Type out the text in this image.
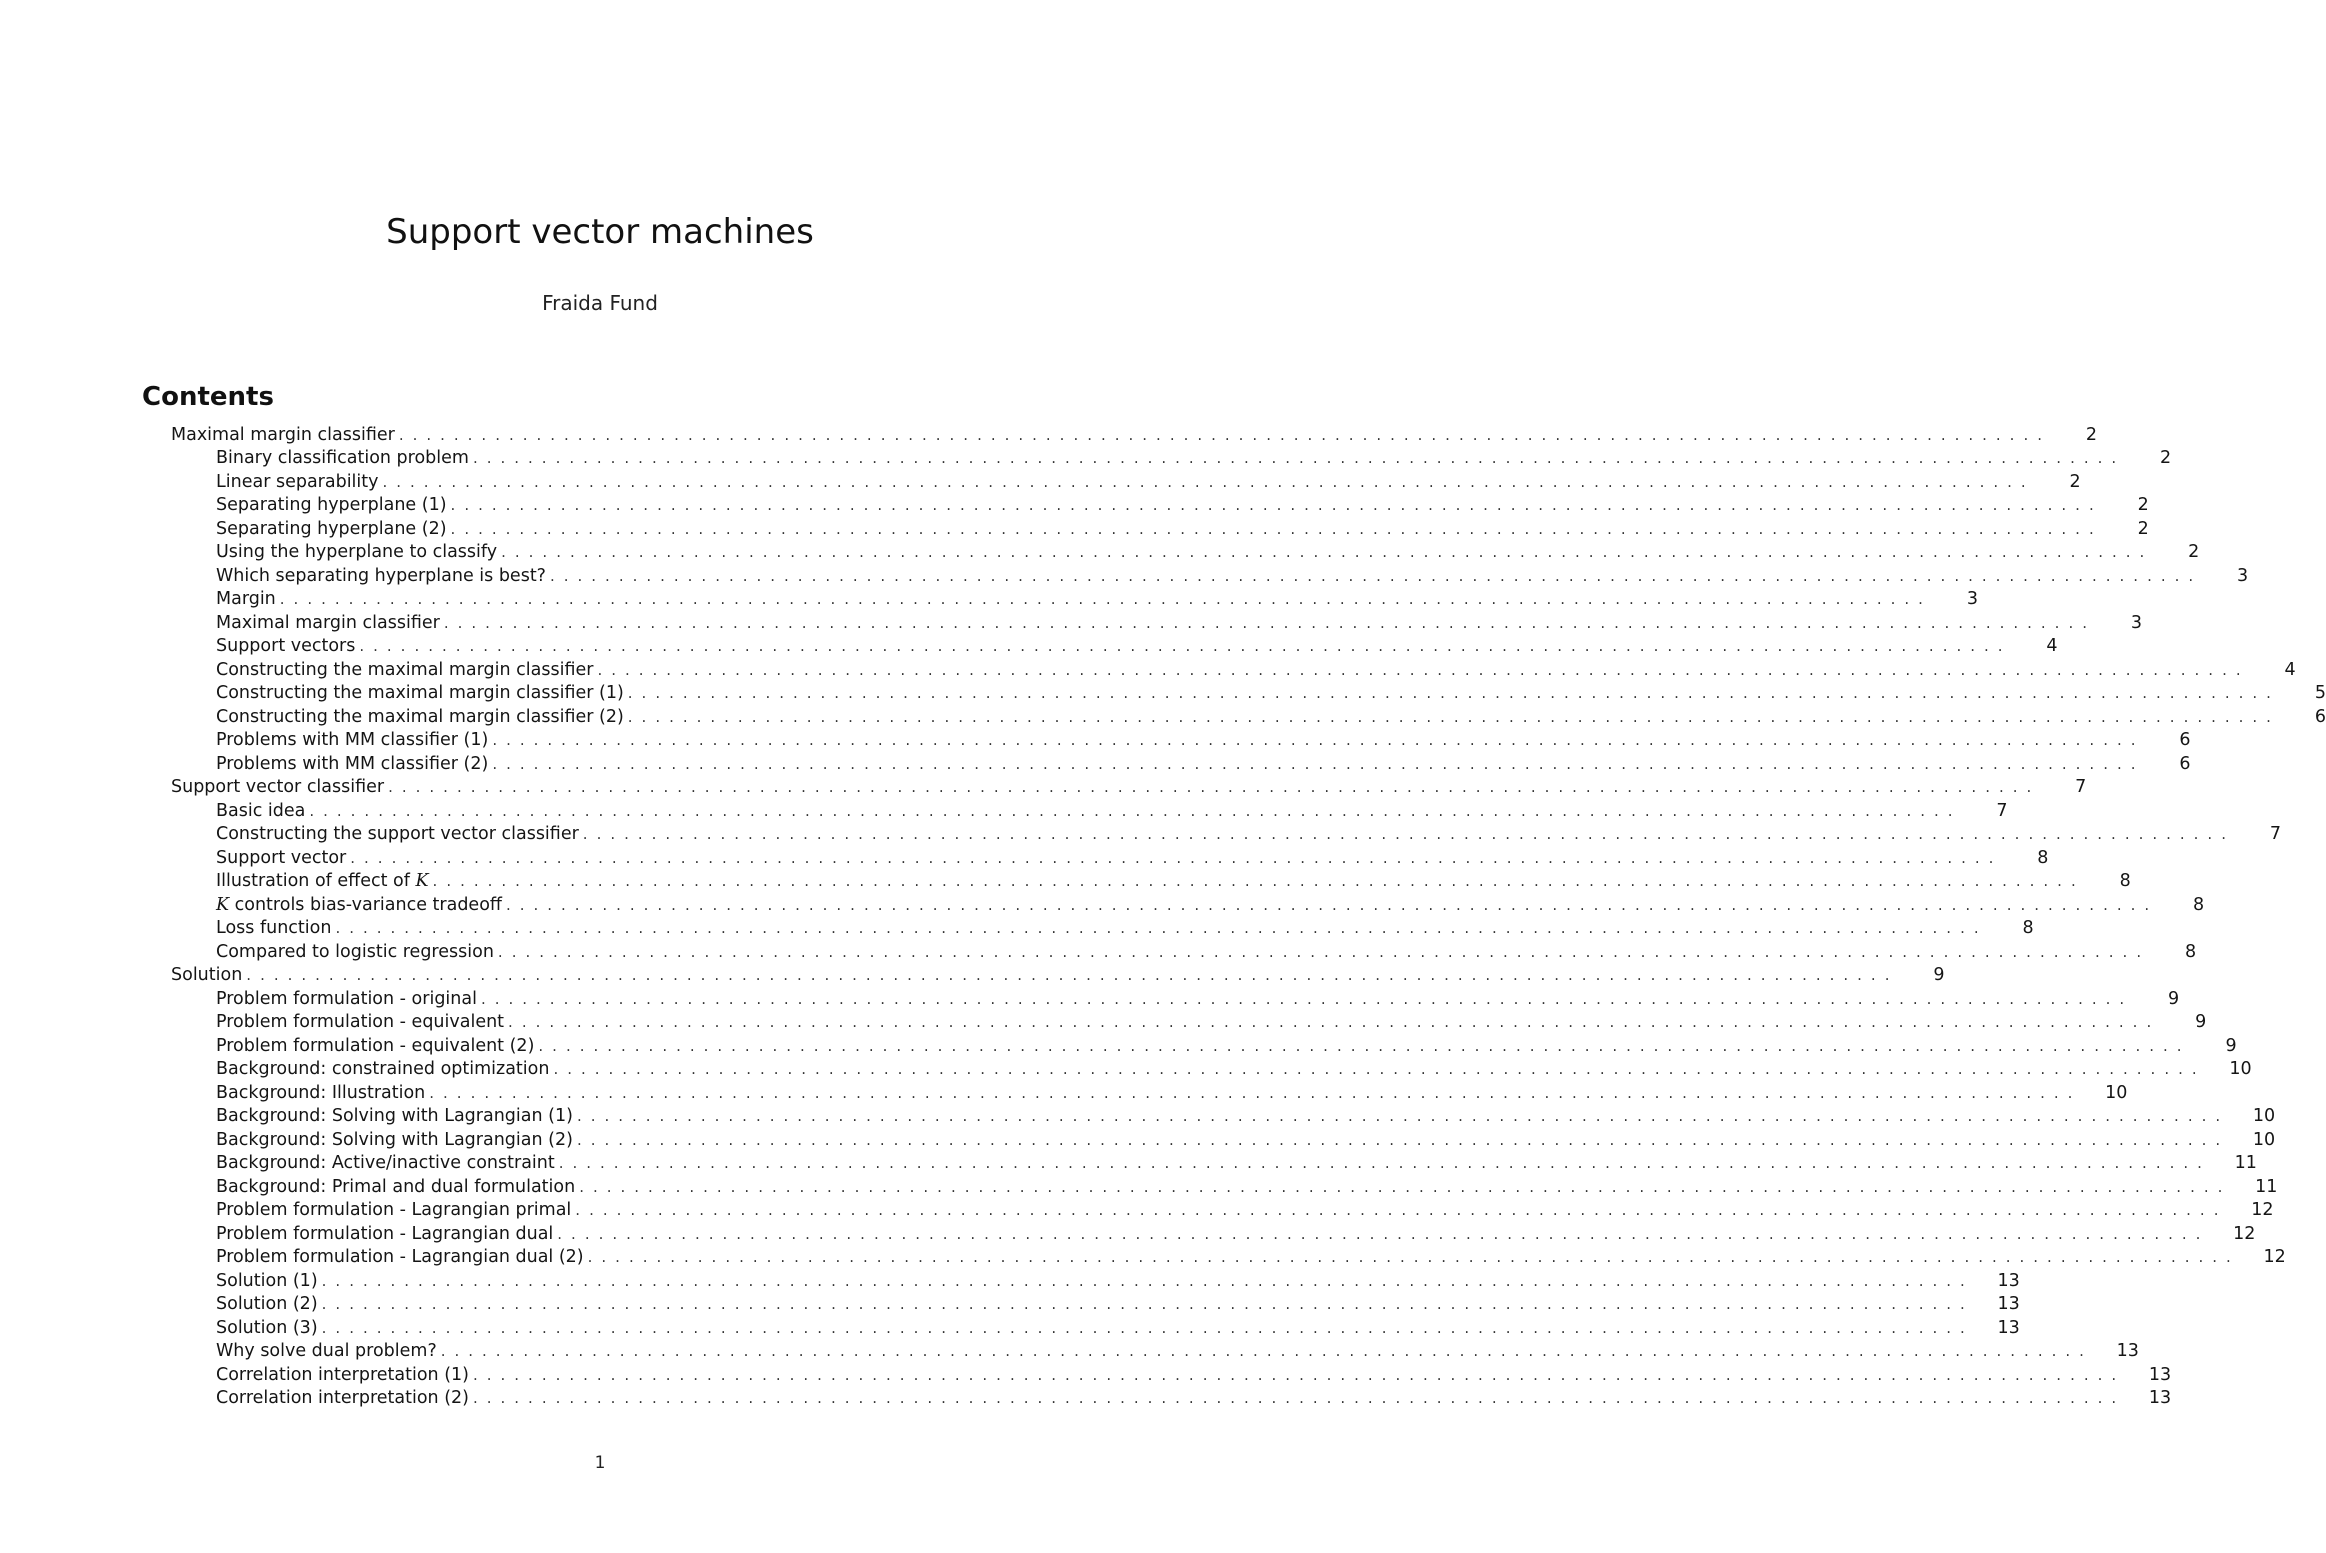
Support vector machines
Fraida Fund
Contents
Maximal margin classifier ........................................................................................................................	2
Binary classification problem ........................................................................................................................	2
Linear separability ........................................................................................................................	2
Separating hyperplane (1) ........................................................................................................................	2
Separating hyperplane (2) ........................................................................................................................	2
Using the hyperplane to classify ........................................................................................................................	2
Which separating hyperplane is best? ........................................................................................................................	3
Margin ........................................................................................................................	3
Maximal margin classifier ........................................................................................................................	3
Support vectors ........................................................................................................................	4
Constructing the maximal margin classifier ........................................................................................................................	4
Constructing the maximal margin classifier (1) ........................................................................................................................	5
Constructing the maximal margin classifier (2) ........................................................................................................................	6
Problems with MM classifier (1) ........................................................................................................................	6
Problems with MM classifier (2) ........................................................................................................................	6
Support vector classifier ........................................................................................................................	7
Basic idea ........................................................................................................................	7
Constructing the support vector classifier ........................................................................................................................	7
Support vector ........................................................................................................................	8
Illustration of effect of K ........................................................................................................................	8
K controls bias-variance tradeoff ........................................................................................................................	8
Loss function ........................................................................................................................	8
Compared to logistic regression ........................................................................................................................	8
Solution ........................................................................................................................	9
Problem formulation - original ........................................................................................................................	9
Problem formulation - equivalent ........................................................................................................................	9
Problem formulation - equivalent (2) ........................................................................................................................	9
Background: constrained optimization ........................................................................................................................	10
Background: Illustration ........................................................................................................................	10
Background: Solving with Lagrangian (1) ........................................................................................................................	10
Background: Solving with Lagrangian (2) ........................................................................................................................	10
Background: Active/inactive constraint ........................................................................................................................	11
Background: Primal and dual formulation ........................................................................................................................	11
Problem formulation - Lagrangian primal ........................................................................................................................	12
Problem formulation - Lagrangian dual ........................................................................................................................	12
Problem formulation - Lagrangian dual (2) ........................................................................................................................	12
Solution (1) ........................................................................................................................	13
Solution (2) ........................................................................................................................	13
Solution (3) ........................................................................................................................	13
Why solve dual problem? ........................................................................................................................	13
Correlation interpretation (1) ........................................................................................................................	13
Correlation interpretation (2) ........................................................................................................................	13
1
